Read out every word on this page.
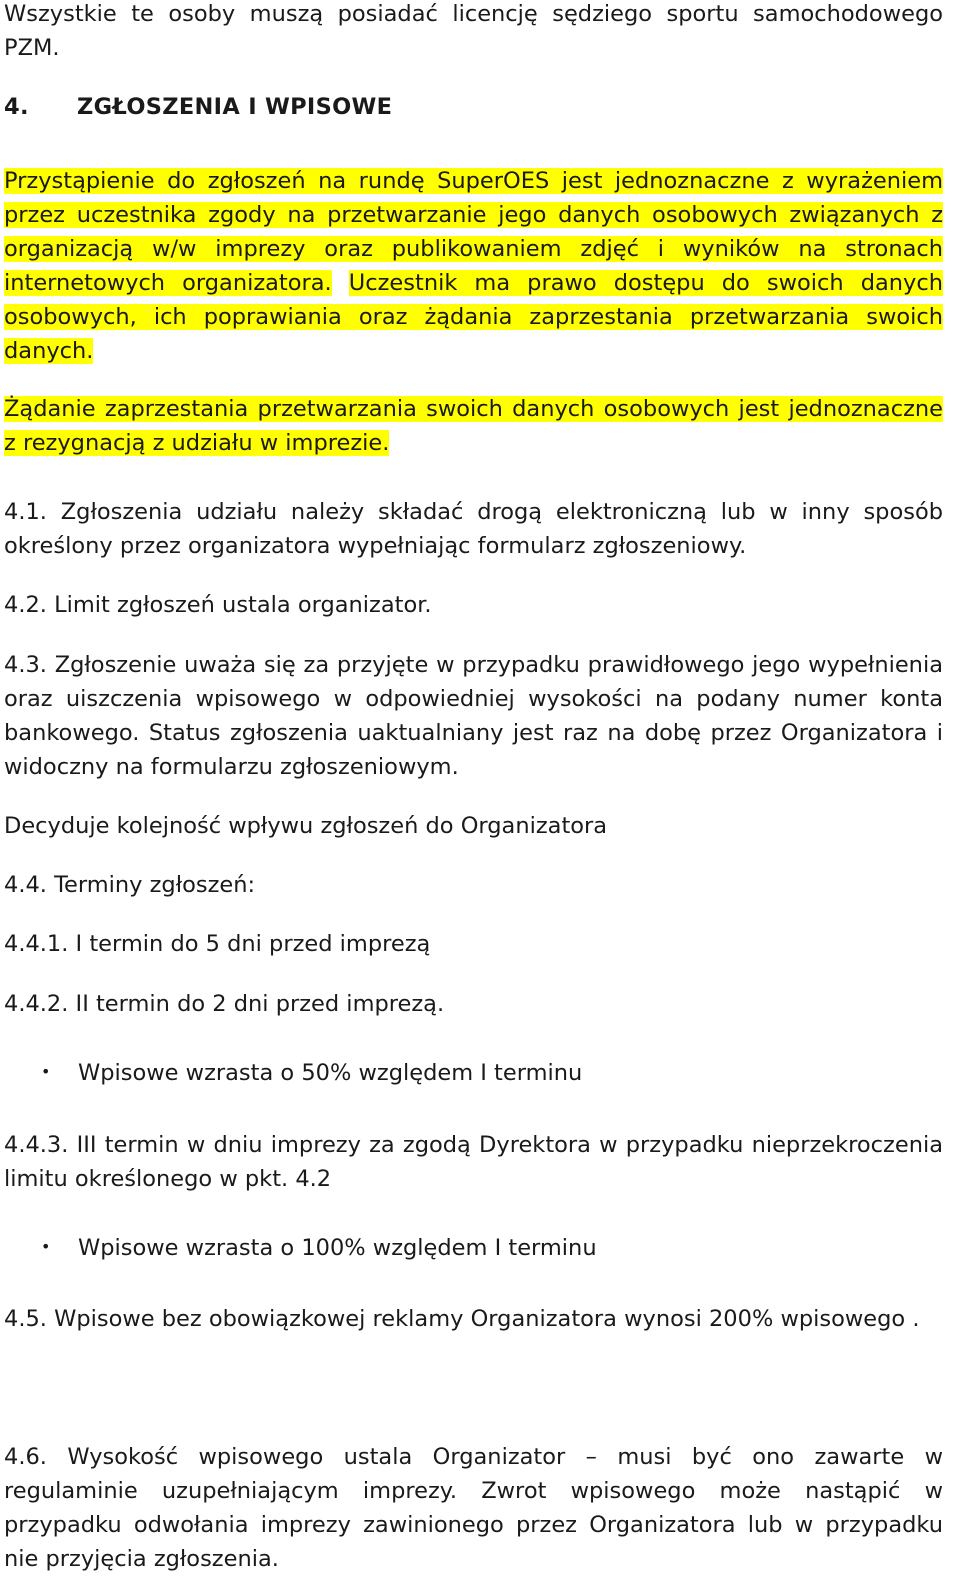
Wszystkie te osoby muszą posiadać licencję sędziego sportu samochodowego PZM.

4. ZGŁOSZENIA I WPISOWE

Przystąpienie do zgłoszeń na rundę SuperOES jest jednoznaczne z wyrażeniem przez uczestnika zgody na przetwarzanie jego danych osobowych związanych z organizacją w/w imprezy oraz publikowaniem zdjęć i wyników na stronach internetowych organizatora. Uczestnik ma prawo dostępu do swoich danych osobowych, ich poprawiania oraz żądania zaprzestania przetwarzania swoich danych.

Żądanie zaprzestania przetwarzania swoich danych osobowych jest jednoznaczne z rezygnacją z udziału w imprezie.

4.1. Zgłoszenia udziału należy składać drogą elektroniczną lub w inny sposób określony przez organizatora wypełniając formularz zgłoszeniowy.

4.2. Limit zgłoszeń ustala organizator.

4.3. Zgłoszenie uważa się za przyjęte w przypadku prawidłowego jego wypełnienia oraz uiszczenia wpisowego w odpowiedniej wysokości na podany numer konta bankowego. Status zgłoszenia uaktualniany jest raz na dobę przez Organizatora i widoczny na formularzu zgłoszeniowym.

Decyduje kolejność wpływu zgłoszeń do Organizatora

4.4. Terminy zgłoszeń:

4.4.1. I termin do 5 dni przed imprezą

4.4.2. II termin do 2 dni przed imprezą.

• Wpisowe wzrasta o 50% względem I terminu

4.4.3. III termin w dniu imprezy za zgodą Dyrektora w przypadku nieprzekroczenia limitu określonego w pkt. 4.2

• Wpisowe wzrasta o 100% względem I terminu

4.5. Wpisowe bez obowiązkowej reklamy Organizatora wynosi 200% wpisowego .

4.6. Wysokość wpisowego ustala Organizator – musi być ono zawarte w regulaminie uzupełniającym imprezy. Zwrot wpisowego może nastąpić w przypadku odwołania imprezy zawinionego przez Organizatora lub w przypadku nie przyjęcia zgłoszenia.
